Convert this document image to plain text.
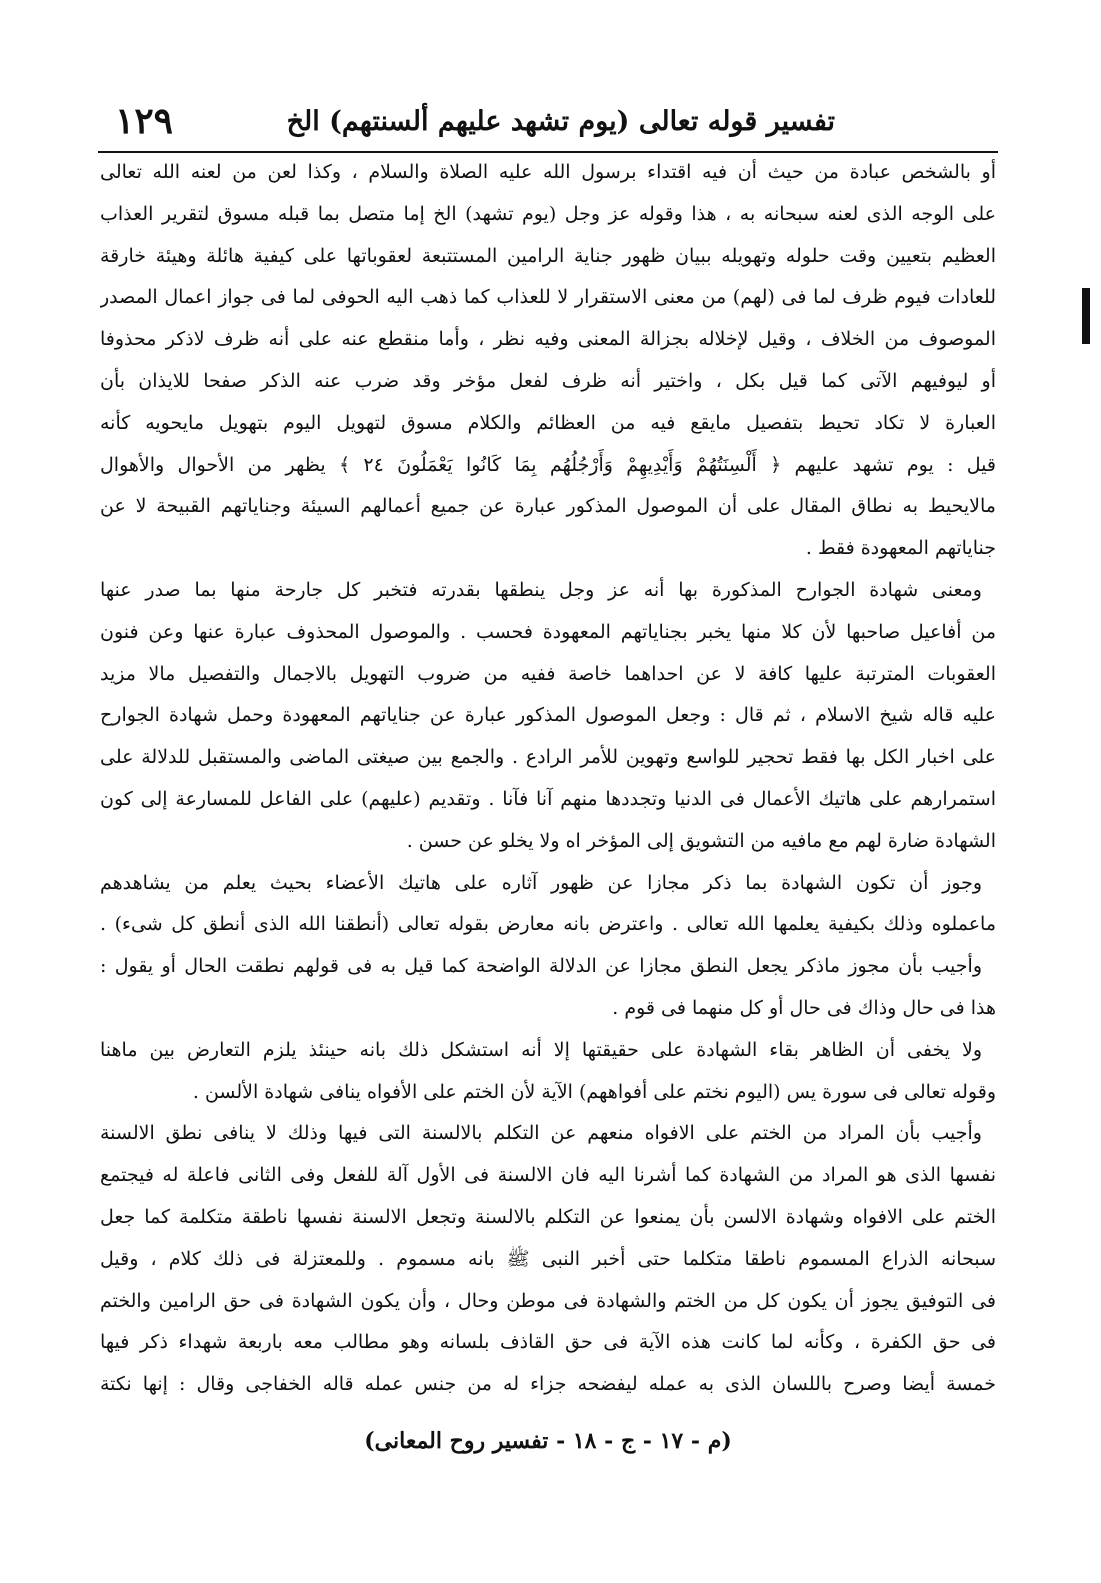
تفسير قوله تعالى (يوم تشهد عليهم ألسنتهم) الخ
١٢٩
أو بالشخص عبادة من حيث أن فيه اقتداء برسول الله عليه الصلاة والسلام ، وكذا لعن من لعنه الله تعالى
على الوجه الذى لعنه سبحانه به ، هذا وقوله عز وجل (يوم تشهد) الخ إما متصل بما قبله مسوق لتقرير العذاب
العظيم بتعيين وقت حلوله وتهويله ببيان ظهور جناية الرامين المستتبعة لعقوباتها على كيفية هائلة وهيئة خارقة
للعادات فيوم ظرف لما فى (لهم) من معنى الاستقرار لا للعذاب كما ذهب اليه الحوفى لما فى جواز اعمال المصدر
الموصوف من الخلاف ، وقيل لإخلاله بجزالة المعنى وفيه نظر ، وأما منقطع عنه على أنه ظرف لاذكر محذوفا
أو ليوفيهم الآتى كما قيل بكل ، واختير أنه ظرف لفعل مؤخر وقد ضرب عنه الذكر صفحا للايذان بأن
العبارة لا تكاد تحيط بتفصيل مايقع فيه من العظائم والكلام مسوق لتهويل اليوم بتهويل مايحويه كأنه
قيل : يوم تشهد عليهم ﴿ أَلْسِنَتُهُمْ وَأَيْدِيهِمْ وَأَرْجُلُهُم بِمَا كَانُوا يَعْمَلُونَ ٢٤ ﴾ يظهر من الأحوال والأهوال
مالايحيط به نطاق المقال على أن الموصول المذكور عبارة عن جميع أعمالهم السيئة وجناياتهم القبيحة لا عن
جناياتهم المعهودة فقط .
ومعنى شهادة الجوارح المذكورة بها أنه عز وجل ينطقها بقدرته فتخبر كل جارحة منها بما صدر عنها
من أفاعيل صاحبها لأن كلا منها يخبر بجناياتهم المعهودة فحسب . والموصول المحذوف عبارة عنها وعن فنون
العقوبات المترتبة عليها كافة لا عن احداهما خاصة ففيه من ضروب التهويل بالاجمال والتفصيل مالا مزيد
عليه قاله شيخ الاسلام ، ثم قال : وجعل الموصول المذكور عبارة عن جناياتهم المعهودة وحمل شهادة الجوارح
على اخبار الكل بها فقط تحجير للواسع وتهوين للأمر الرادع . والجمع بين صيغتى الماضى والمستقبل للدلالة على
استمرارهم على هاتيك الأعمال فى الدنيا وتجددها منهم آنا فآنا . وتقديم (عليهم) على الفاعل للمسارعة إلى كون
الشهادة ضارة لهم مع مافيه من التشويق إلى المؤخر اه ولا يخلو عن حسن .
وجوز أن تكون الشهادة بما ذكر مجازا عن ظهور آثاره على هاتيك الأعضاء بحيث يعلم من يشاهدهم
ماعملوه وذلك بكيفية يعلمها الله تعالى . واعترض بانه معارض بقوله تعالى (أنطقنا الله الذى أنطق كل شىء) .
وأجيب بأن مجوز ماذكر يجعل النطق مجازا عن الدلالة الواضحة كما قيل به فى قولهم نطقت الحال أو يقول :
هذا فى حال وذاك فى حال أو كل منهما فى قوم .
ولا يخفى أن الظاهر بقاء الشهادة على حقيقتها إلا أنه استشكل ذلك بانه حينئذ يلزم التعارض بين ماهنا
وقوله تعالى فى سورة يس (اليوم نختم على أفواههم) الآية لأن الختم على الأفواه ينافى شهادة الألسن .
وأجيب بأن المراد من الختم على الافواه منعهم عن التكلم بالالسنة التى فيها وذلك لا ينافى نطق الالسنة
نفسها الذى هو المراد من الشهادة كما أشرنا اليه فان الالسنة فى الأول آلة للفعل وفى الثانى فاعلة له فيجتمع
الختم على الافواه وشهادة الالسن بأن يمنعوا عن التكلم بالالسنة وتجعل الالسنة نفسها ناطقة متكلمة كما جعل
سبحانه الذراع المسموم ناطقا متكلما حتى أخبر النبى ﷺ بانه مسموم . وللمعتزلة فى ذلك كلام ، وقيل
فى التوفيق يجوز أن يكون كل من الختم والشهادة فى موطن وحال ، وأن يكون الشهادة فى حق الرامين والختم
فى حق الكفرة ، وكأنه لما كانت هذه الآية فى حق القاذف بلسانه وهو مطالب معه باربعة شهداء ذكر فيها
خمسة أيضا وصرح باللسان الذى به عمله ليفضحه جزاء له من جنس عمله قاله الخفاجى وقال : إنها نكتة
(م - ١٧ - ج - ١٨ - تفسير روح المعانى)
